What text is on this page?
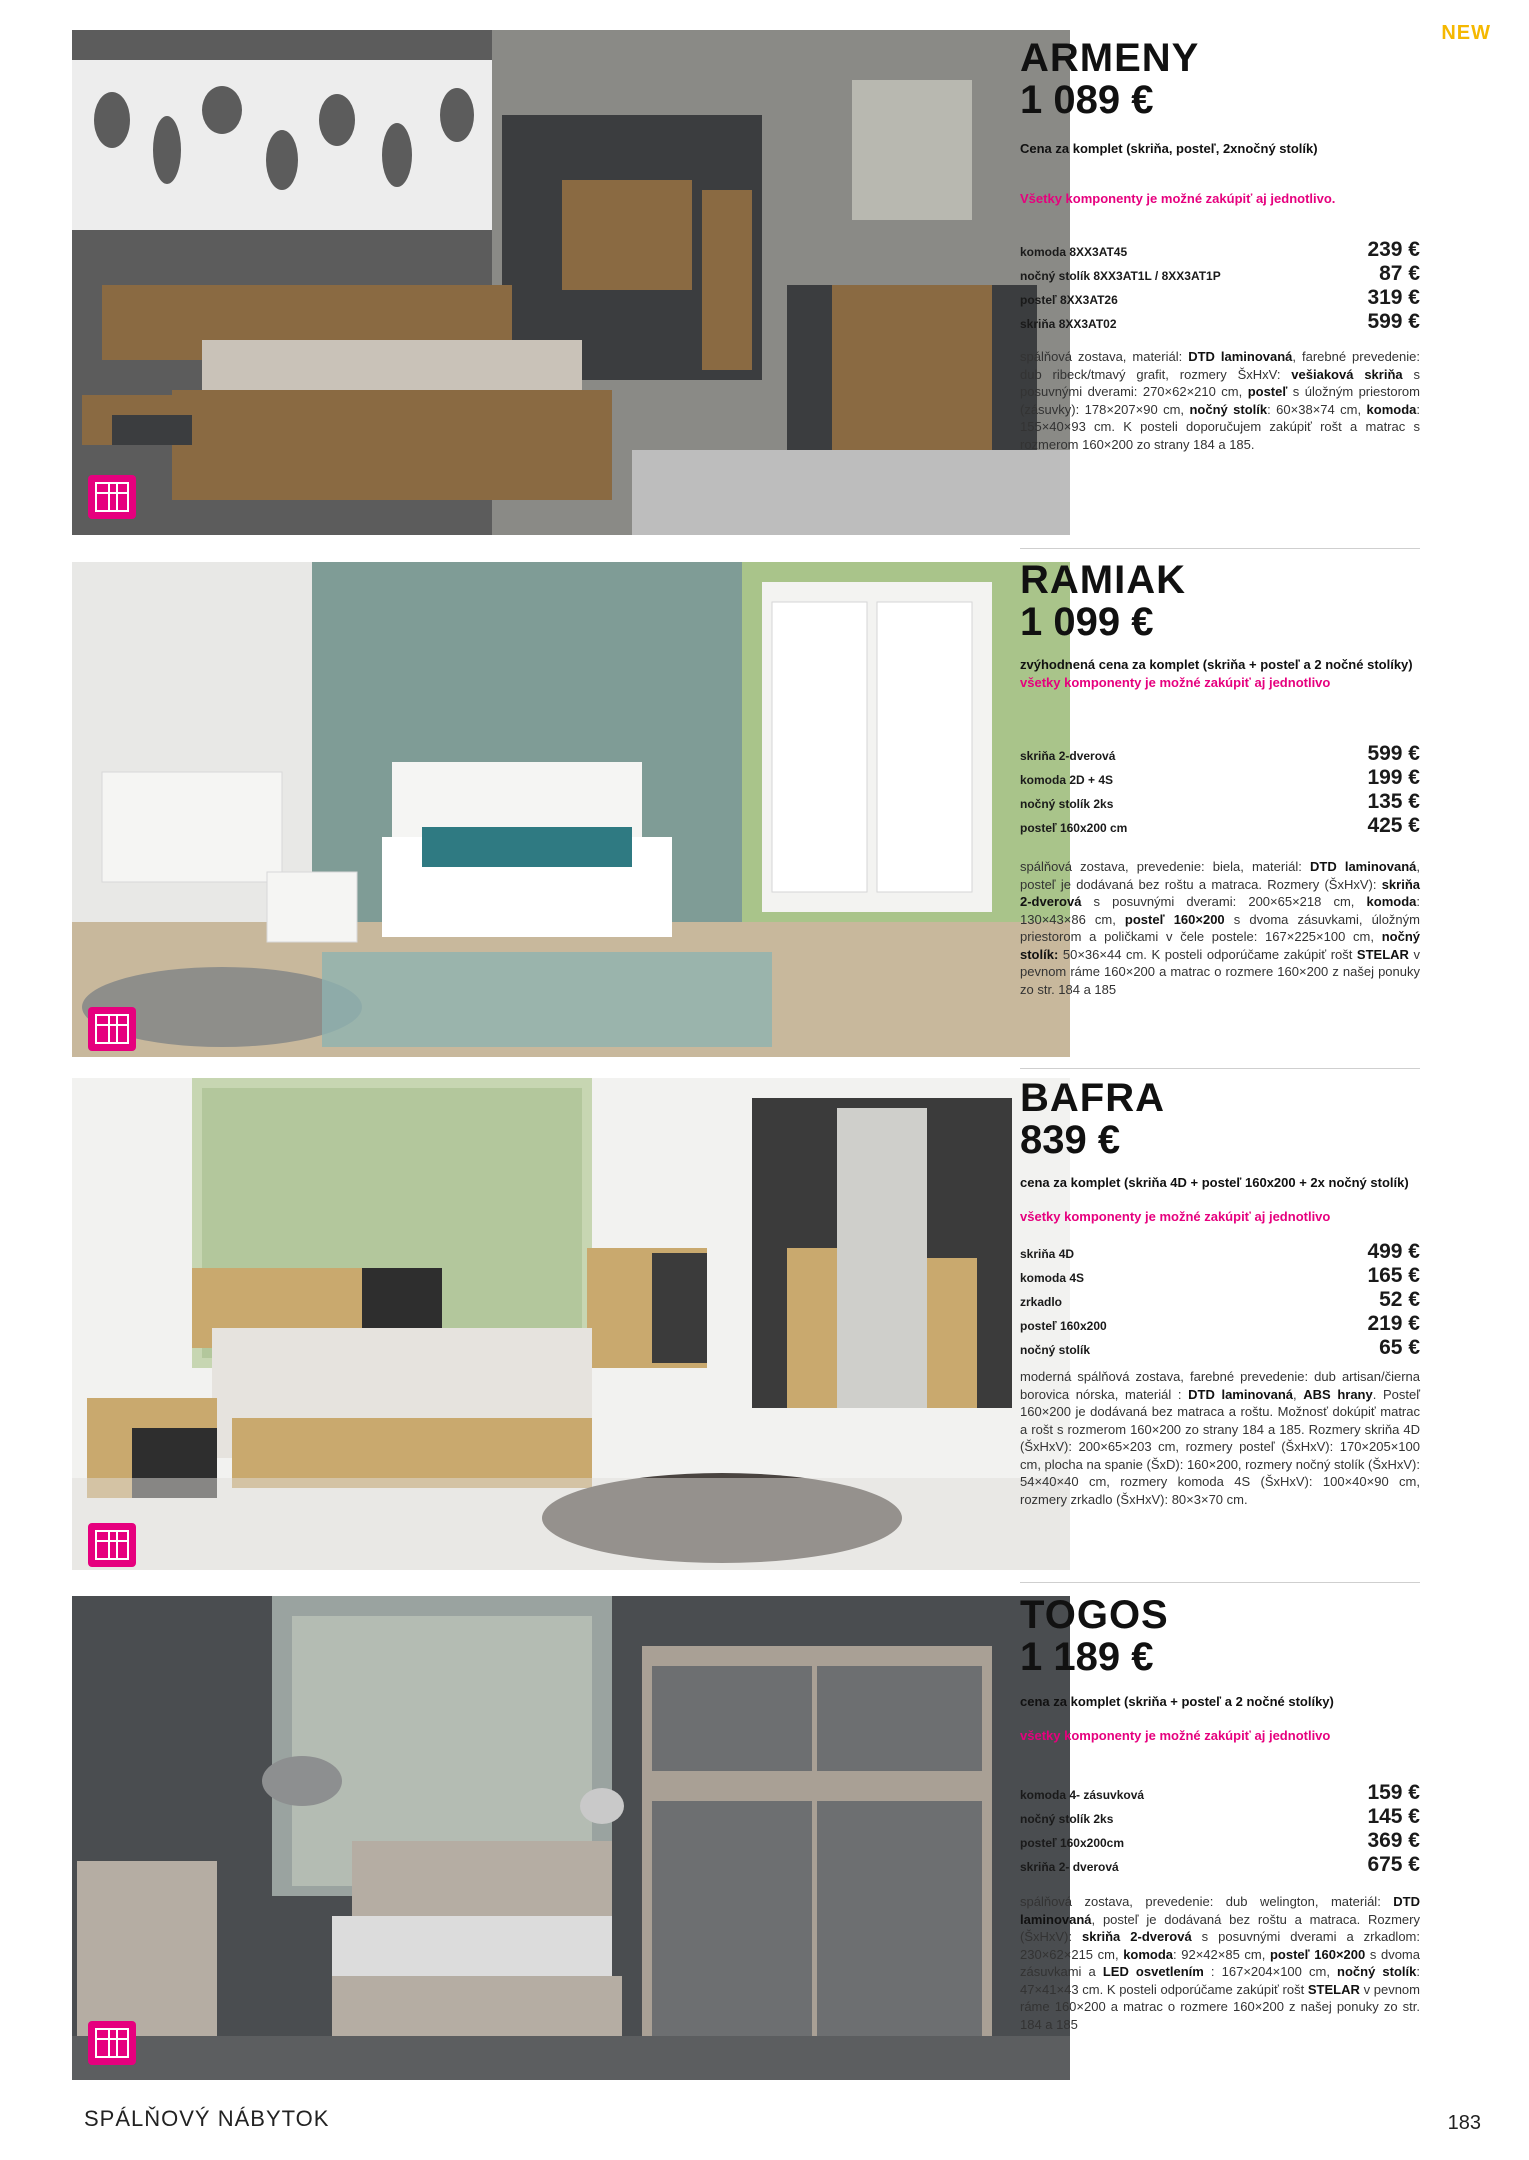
NEW
ARMENY
1 089 €
Cena za komplet (skriňa, posteľ, 2xnočný stolík)
Všetky komponenty je možné zakúpiť aj jednotlivo.
komoda 8XX3AT45	239 €
nočný stolík 8XX3AT1L / 8XX3AT1P	87 €
posteľ 8XX3AT26	319 €
skriňa 8XX3AT02	599 €
spálňová zostava, materiál: DTD laminovaná, farebné prevedenie: dub ribeck/tmavý grafit, rozmery ŠxHxV: vešiaková skriňa s posuvnými dverami: 270×62×210 cm, posteľ s úložným priestorom (zásuvky): 178×207×90 cm, nočný stolík: 60×38×74 cm, komoda: 155×40×93 cm. K posteli doporučujem zakúpiť rošt a matrac s rozmerom 160×200 zo strany 184 a 185.
RAMIAK
1 099 €
zvýhodnená cena za komplet (skriňa + posteľ a 2 nočné stolíky)
všetky komponenty je možné zakúpiť aj jednotlivo
skriňa 2-dverová	599 €
komoda 2D + 4S	199 €
nočný stolík 2ks	135 €
posteľ 160x200 cm	425 €
spálňová zostava, prevedenie: biela, materiál: DTD laminovaná, posteľ je dodávaná bez roštu a matraca. Rozmery (ŠxHxV): skriňa 2-dverová s posuvnými dverami: 200×65×218 cm, komoda: 130×43×86 cm, posteľ 160×200 s dvoma zásuvkami, úložným priestorom a poličkami v čele postele: 167×225×100 cm, nočný stolík: 50×36×44 cm. K posteli odporúčame zakúpiť rošt STELAR v pevnom ráme 160×200 a matrac o rozmere 160×200 z našej ponuky zo str. 184 a 185
BAFRA
839 €
cena za komplet (skriňa 4D + posteľ 160x200 + 2x nočný stolík)
všetky komponenty je možné zakúpiť aj jednotlivo
skriňa 4D	499 €
komoda 4S	165 €
zrkadlo	52 €
posteľ 160x200	219 €
nočný stolík	65 €
moderná spálňová zostava, farebné prevedenie: dub artisan/čierna borovica nórska, materiál : DTD laminovaná, ABS hrany. Posteľ 160×200 je dodávaná bez matraca a roštu. Možnosť dokúpiť matrac a rošt s rozmerom 160×200 zo strany 184 a 185. Rozmery skriňa 4D (ŠxHxV): 200×65×203 cm, rozmery posteľ (ŠxHxV): 170×205×100 cm, plocha na spanie (ŠxD): 160×200, rozmery nočný stolík (ŠxHxV): 54×40×40 cm, rozmery komoda 4S (ŠxHxV): 100×40×90 cm, rozmery zrkadlo (ŠxHxV): 80×3×70 cm.
TOGOS
1 189 €
cena za komplet (skriňa + posteľ a 2 nočné stolíky)
všetky komponenty je možné zakúpiť aj jednotlivo
komoda 4- zásuvková	159 €
nočný stolík 2ks	145 €
posteľ 160x200cm	369 €
skriňa 2- dverová	675 €
spálňová zostava, prevedenie: dub welington, materiál: DTD laminovaná, posteľ je dodávaná bez roštu a matraca. Rozmery (ŠxHxV): skriňa 2-dverová s posuvnými dverami a zrkadlom: 230×62×215 cm, komoda: 92×42×85 cm, posteľ 160×200 s dvoma zásuvkami a LED osvetlením : 167×204×100 cm, nočný stolík: 47×41×43 cm. K posteli odporúčame zakúpiť rošt STELAR v pevnom ráme 160×200 a matrac o rozmere 160×200 z našej ponuky zo str. 184 a 185
SPÁLŇOVÝ NÁBYTOK	183
